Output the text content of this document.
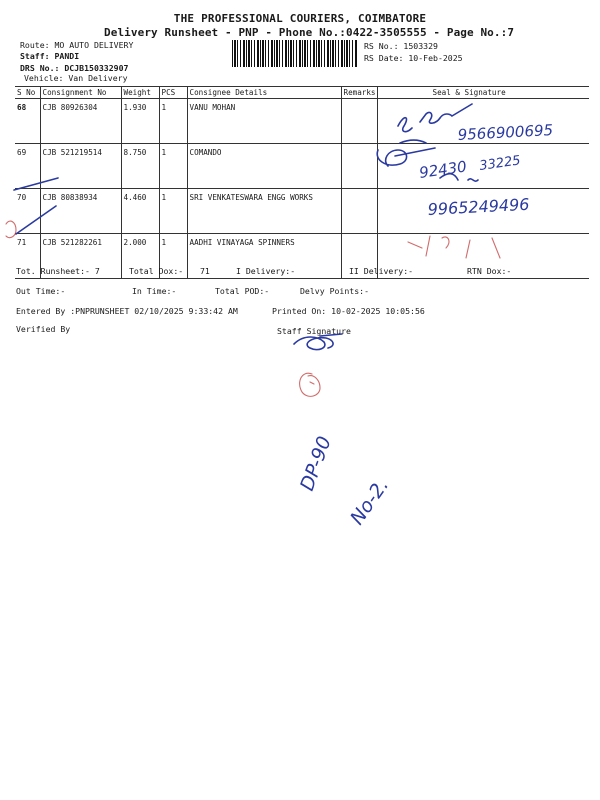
THE PROFESSIONAL COURIERS, COIMBATORE
Delivery Runsheet - PNP - Phone No.:0422-3505555 - Page No.:7
Route: MO AUTO DELIVERY
Staff: PANDI
DRS No.: DCJB150332907
Vehicle: Van Delivery
RS No.: 1503329
RS Date: 10-Feb-2025
S No	Consignment No	Weight	PCS	Consignee Details	Remarks	Seal & Signature
68	CJB 80926304	1.930	1	VANU MOHAN		
69	CJB 521219514	8.750	1	COMANDO		
70	CJB 80838934	4.460	1	SRI VENKATESWARA ENGG WORKS		
71	CJB 521282261	2.000	1	AADHI VINAYAGA SPINNERS		
Tot. Runsheet:- 7	Total Dox:- 71	I Delivery:-	II Delivery:-	RTN Dox:-
Out Time:-	In Time:-	Total POD:-	Delvy Points:-
Entered By :PNPRUNSHEET 02/10/2025 9:33:42 AM	Printed On: 10-02-2025 10:05:56
Verified By	Staff Signature
9566900695
92430 33225
9965249496
DP-90
No-2.
